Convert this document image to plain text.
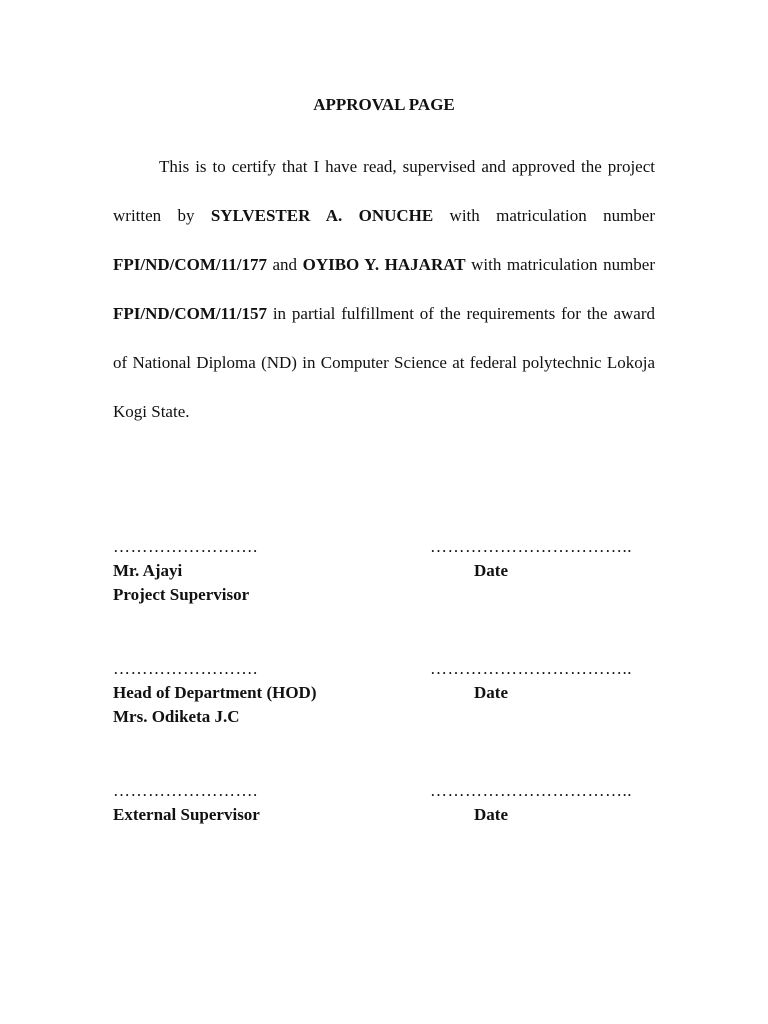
APPROVAL PAGE
This is to certify that I have read, supervised and approved the project written by SYLVESTER A. ONUCHE with matriculation number FPI/ND/COM/11/177 and OYIBO Y. HAJARAT with matriculation number FPI/ND/COM/11/157 in partial fulfillment of the requirements for the award of National Diploma (ND) in Computer Science at federal polytechnic Lokoja Kogi State.
…………………….	……………………………..
Mr. Ajayi	Date
Project Supervisor
…………………….	……………………………..
Head of Department (HOD)	Date
Mrs. Odiketa J.C
…………………….	……………………………..
External Supervisor	Date
